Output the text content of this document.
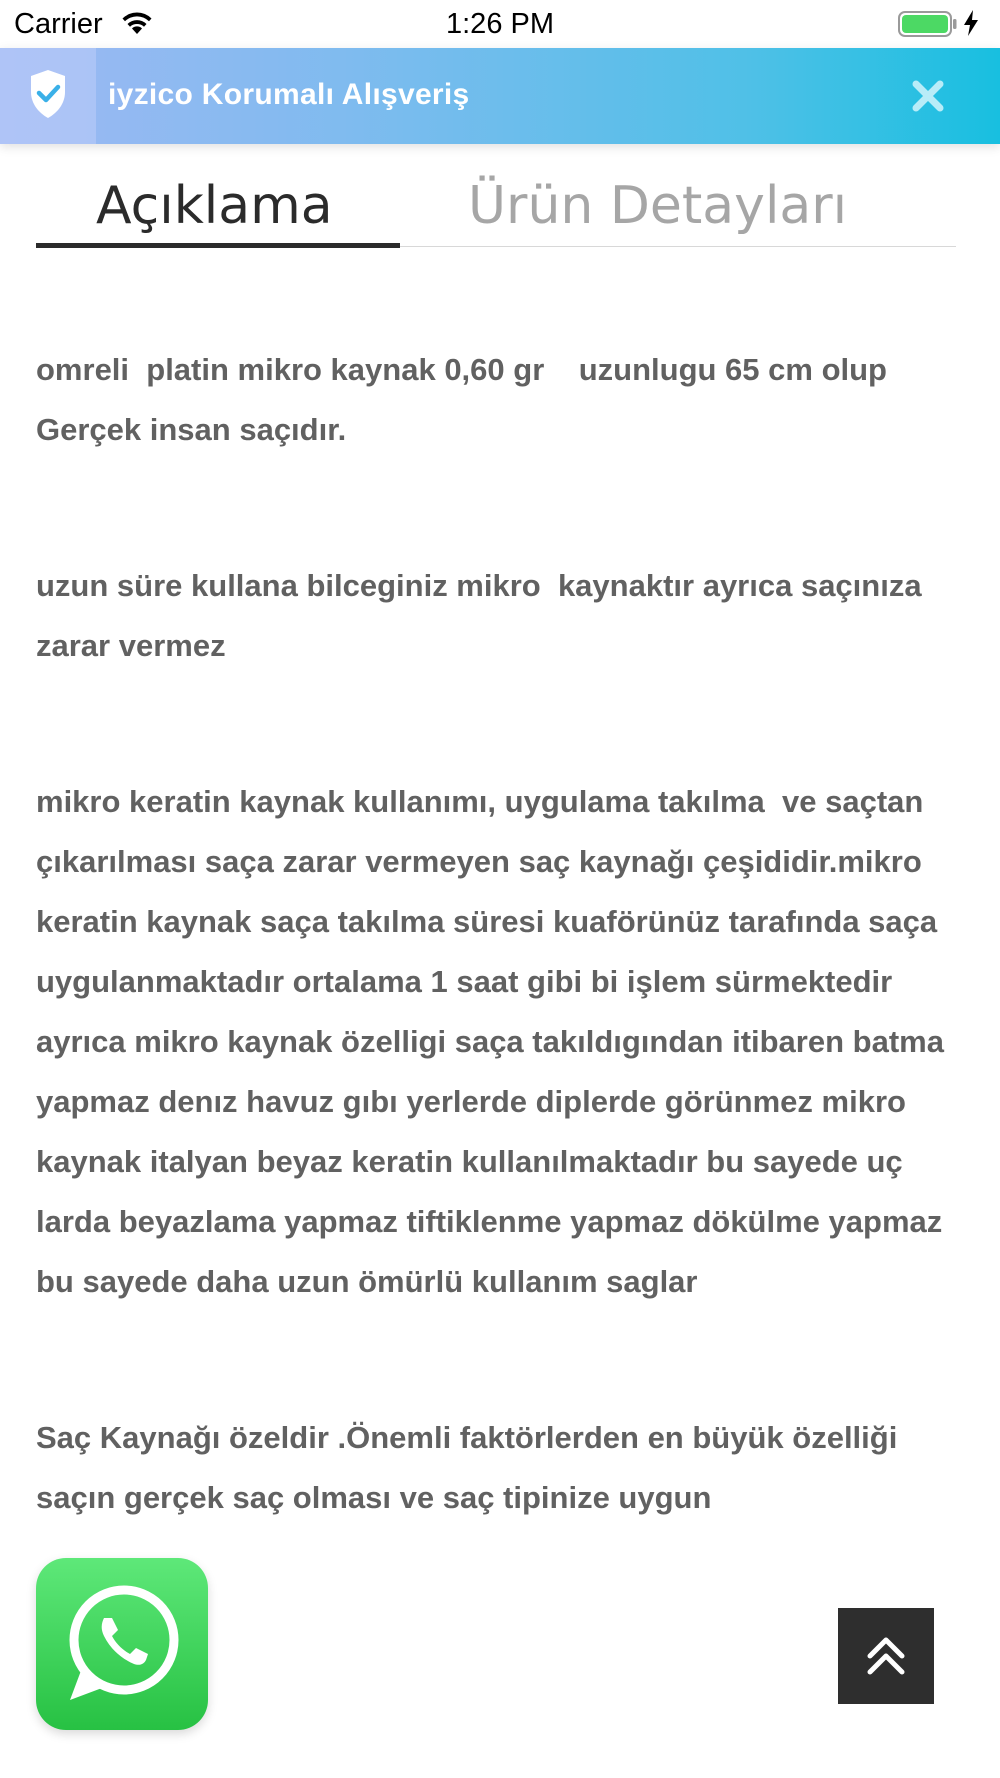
Carrier	1:26 PM
iyzico Korumalı Alışveriş
Açıklama	Ürün Detayları

omreli  platin mikro kaynak 0,60 gr    uzunlugu 65 cm olup Gerçek insan saçıdır.

uzun süre kullana bilceginiz mikro  kaynaktır ayrıca saçınıza zarar vermez

mikro keratin kaynak kullanımı, uygulama takılma  ve saçtan çıkarılması saça zarar vermeyen saç kaynağı çeşididir.mikro keratin kaynak saça takılma süresi kuaförünüz tarafında saça uygulanmaktadır ortalama 1 saat gibi bi işlem sürmektedir ayrıca mikro kaynak özelligi saça takıldıgından itibaren batma yapmaz denız havuz gıbı yerlerde diplerde görünmez mikro kaynak italyan beyaz keratin kullanılmaktadır bu sayede uç larda beyazlama yapmaz tiftiklenme yapmaz dökülme yapmaz bu sayede daha uzun ömürlü kullanım saglar

Saç Kaynağı özeldir .Önemli faktörlerden en büyük özelliği saçın gerçek saç olması ve saç tipinize uygun
